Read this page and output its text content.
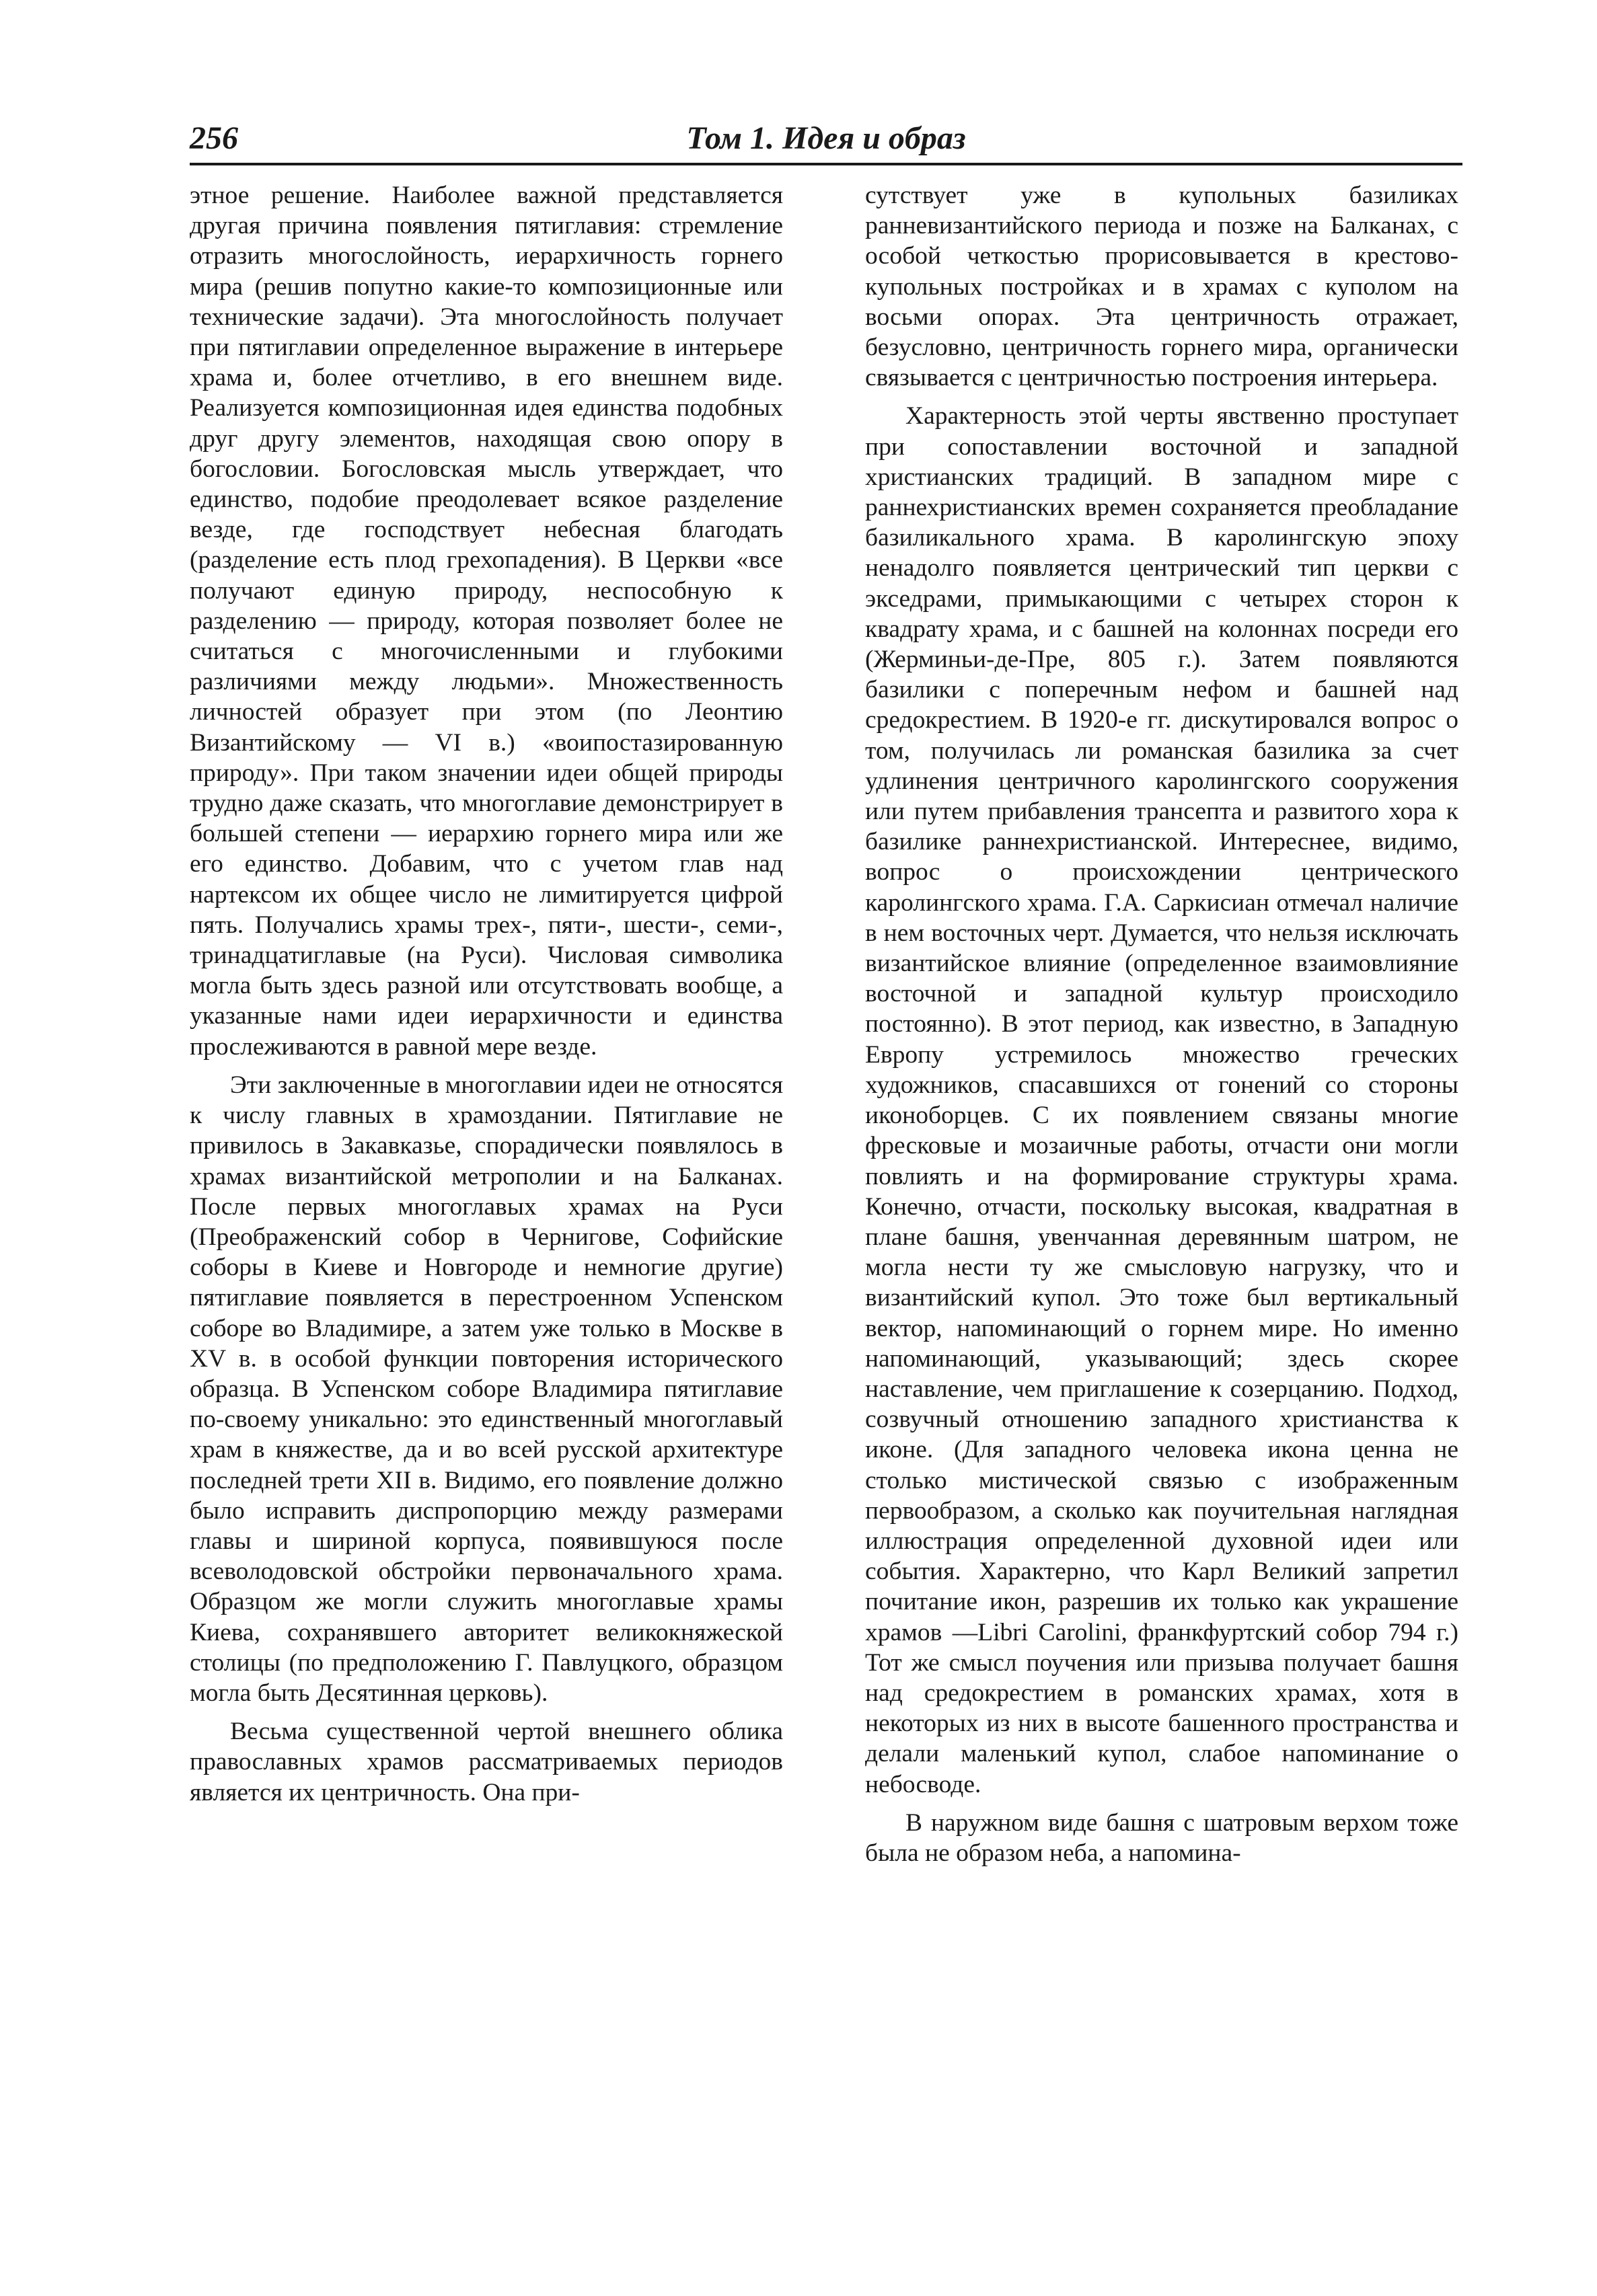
256	Том 1. Идея и образ

этное решение. Наиболее важной представляется другая причина появления пятиглавия: стремление отразить многослойность, иерархичность горнего мира (решив попутно какие-то композиционные или технические задачи). Эта многослойность получает при пятиглавии определенное выражение в интерьере храма и, более отчетливо, в его внешнем виде. Реализуется композиционная идея единства подобных друг другу элементов, находящая свою опору в богословии. Богословская мысль утверждает, что единство, подобие преодолевает всякое разделение везде, где господствует небесная благодать (разделение есть плод грехопадения). В Церкви «все получают единую природу, неспособную к разделению — природу, которая позволяет более не считаться с многочисленными и глубокими различиями между людьми». Множественность личностей образует при этом (по Леонтию Византийскому — VI в.) «воипостазированную природу». При таком значении идеи общей природы трудно даже сказать, что многоглавие демонстрирует в большей степени — иерархию горнего мира или же его единство. Добавим, что с учетом глав над нартексом их общее число не лимитируется цифрой пять. Получались храмы трех-, пяти-, шести-, семи-, тринадцатиглавые (на Руси). Числовая символика могла быть здесь разной или отсутствовать вообще, а указанные нами идеи иерархичности и единства прослеживаются в равной мере везде.

Эти заключенные в многоглавии идеи не относятся к числу главных в храмоздании. Пятиглавие не привилось в Закавказье, спорадически появлялось в храмах византийской метрополии и на Балканах. После первых многоглавых храмах на Руси (Преображенский собор в Чернигове, Софийские соборы в Киеве и Новгороде и немногие другие) пятиглавие появляется в перестроенном Успенском соборе во Владимире, а затем уже только в Москве в XV в. в особой функции повторения исторического образца. В Успенском соборе Владимира пятиглавие по-своему уникально: это единственный многоглавый храм в княжестве, да и во всей русской архитектуре последней трети XII в. Видимо, его появление должно было исправить диспропорцию между размерами главы и шириной корпуса, появившуюся после всеволодовской обстройки первоначального храма. Образцом же могли служить многоглавые храмы Киева, сохранявшего авторитет великокняжеской столицы (по предположению Г. Павлуцкого, образцом могла быть Десятинная церковь).

Весьма существенной чертой внешнего облика православных храмов рассматриваемых периодов является их центричность. Она при-

сутствует уже в купольных базиликах ранневизантийского периода и позже на Балканах, с особой четкостью прорисовывается в крестово-купольных постройках и в храмах с куполом на восьми опорах. Эта центричность отражает, безусловно, центричность горнего мира, органически связывается с центричностью построения интерьера.

Характерность этой черты явственно проступает при сопоставлении восточной и западной христианских традиций. В западном мире с раннехристианских времен сохраняется преобладание базиликального храма. В каролингскую эпоху ненадолго появляется центрический тип церкви с экседрами, примыкающими с четырех сторон к квадрату храма, и с башней на колоннах посреди его (Жерминьи-де-Пре, 805 г.). Затем появляются базилики с поперечным нефом и башней над средокрестием. В 1920-е гг. дискутировался вопрос о том, получилась ли романская базилика за счет удлинения центричного каролингского сооружения или путем прибавления трансепта и развитого хора к базилике раннехристианской. Интереснее, видимо, вопрос о происхождении центрического каролингского храма. Г.А. Саркисиан отмечал наличие в нем восточных черт. Думается, что нельзя исключать византийское влияние (определенное взаимовлияние восточной и западной культур происходило постоянно). В этот период, как известно, в Западную Европу устремилось множество греческих художников, спасавшихся от гонений со стороны иконоборцев. С их появлением связаны многие фресковые и мозаичные работы, отчасти они могли повлиять и на формирование структуры храма. Конечно, отчасти, поскольку высокая, квадратная в плане башня, увенчанная деревянным шатром, не могла нести ту же смысловую нагрузку, что и византийский купол. Это тоже был вертикальный вектор, напоминающий о горнем мире. Но именно напоминающий, указывающий; здесь скорее наставление, чем приглашение к созерцанию. Подход, созвучный отношению западного христианства к иконе. (Для западного человека икона ценна не столько мистической связью с изображенным первообразом, а сколько как поучительная наглядная иллюстрация определенной духовной идеи или события. Характерно, что Карл Великий запретил почитание икон, разрешив их только как украшение храмов —Libri Carolini, франкфуртский собор 794 г.) Тот же смысл поучения или призыва получает башня над средокрестием в романских храмах, хотя в некоторых из них в высоте башенного пространства и делали маленький купол, слабое напоминание о небосводе.

В наружном виде башня с шатровым верхом тоже была не образом неба, а напомина-
